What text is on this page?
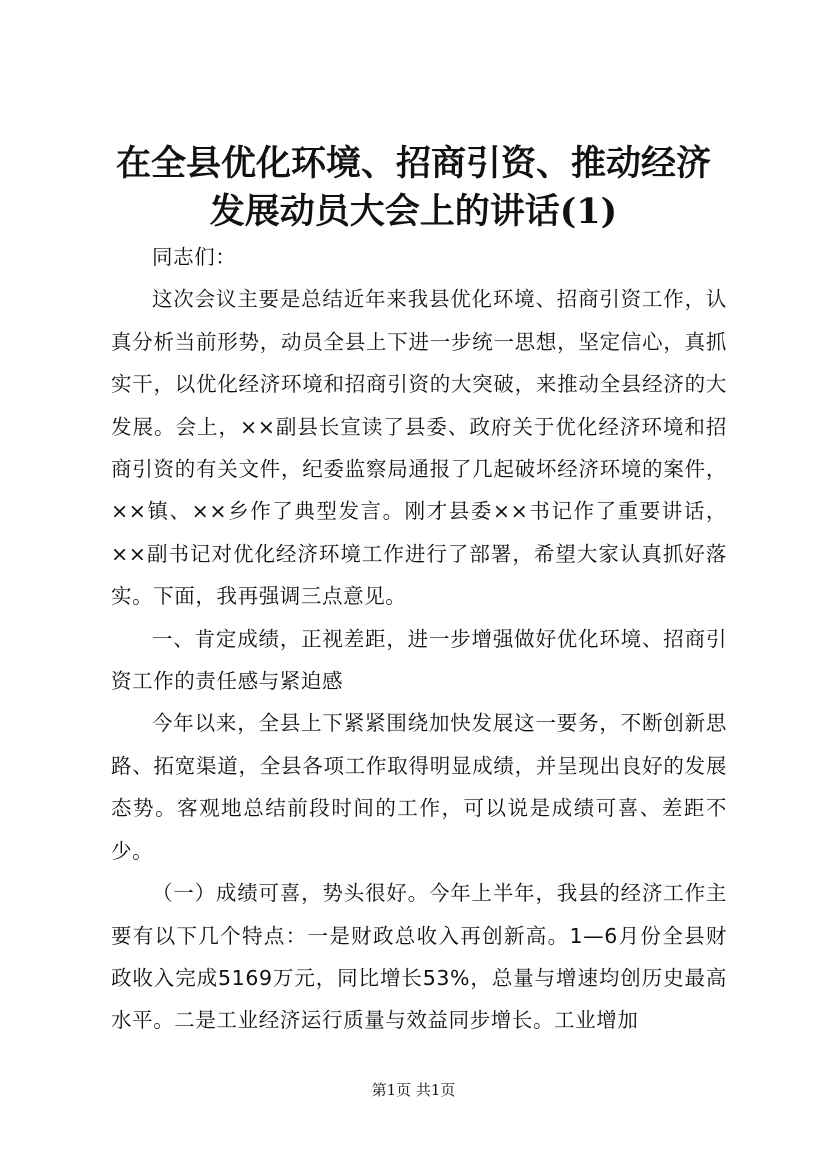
在全县优化环境、招商引资、推动经济发展动员大会上的讲话(1)

同志们：

这次会议主要是总结近年来我县优化环境、招商引资工作，认真分析当前形势，动员全县上下进一步统一思想，坚定信心，真抓实干，以优化经济环境和招商引资的大突破，来推动全县经济的大发展。会上，××副县长宣读了县委、政府关于优化经济环境和招商引资的有关文件，纪委监察局通报了几起破坏经济环境的案件，××镇、××乡作了典型发言。刚才县委××书记作了重要讲话，××副书记对优化经济环境工作进行了部署，希望大家认真抓好落实。下面，我再强调三点意见。

一、肯定成绩，正视差距，进一步增强做好优化环境、招商引资工作的责任感与紧迫感

今年以来，全县上下紧紧围绕加快发展这一要务，不断创新思路、拓宽渠道，全县各项工作取得明显成绩，并呈现出良好的发展态势。客观地总结前段时间的工作，可以说是成绩可喜、差距不少。

（一）成绩可喜，势头很好。今年上半年，我县的经济工作主要有以下几个特点：一是财政总收入再创新高。1—6月份全县财政收入完成5169万元，同比增长53%，总量与增速均创历史最高水平。二是工业经济运行质量与效益同步增长。工业增加

第1页 共1页
